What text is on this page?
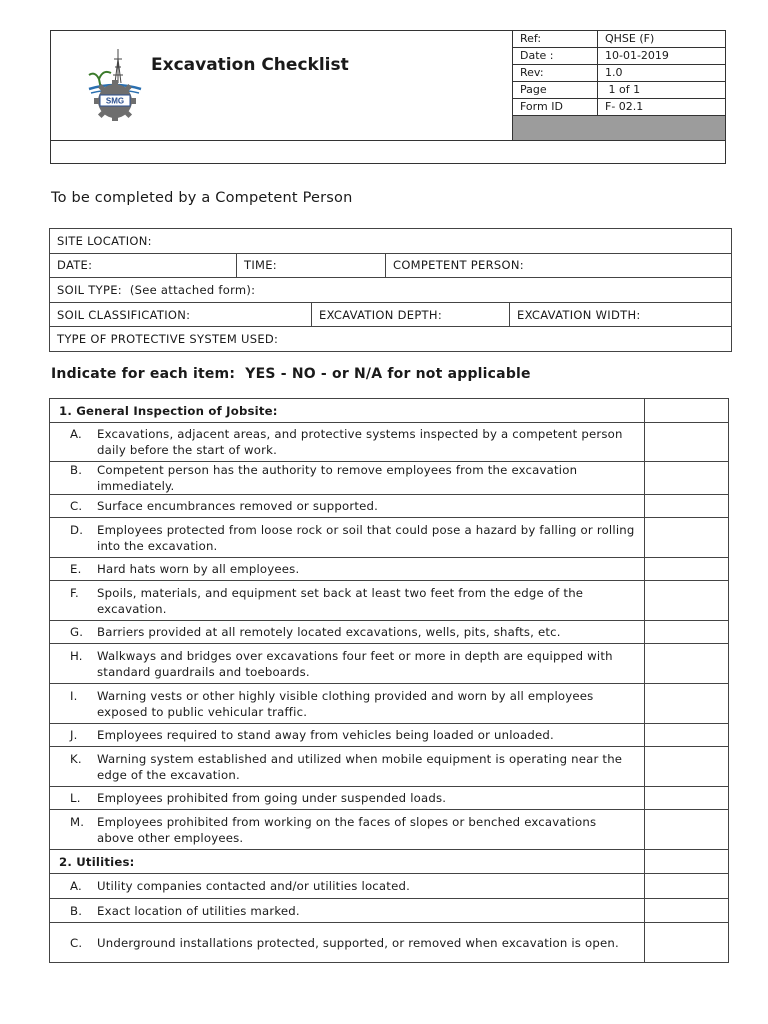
SMG
Excavation Checklist
Ref:	QHSE (F)
Date :	10-01-2019
Rev:	1.0
Page	1 of 1
Form ID	F- 02.1

To be completed by a Competent Person
SITE LOCATION:				
DATE:	TIME:		COMPETENT PERSON:	
SOIL TYPE:  (See attached form):				
SOIL CLASSIFICATION:		EXCAVATION DEPTH:		EXCAVATION WIDTH:
TYPE OF PROTECTIVE SYSTEM USED:				
Indicate for each item:  YES - NO - or N/A for not applicable
1. General Inspection of Jobsite:	

A. Excavations, adjacent areas, and protective systems inspected by a competent person daily before the start of work.	

B. Competent person has the authority to remove employees from the excavation immediately.	

C. Surface encumbrances removed or supported.	

D. Employees protected from loose rock or soil that could pose a hazard by falling or rolling into the excavation.	

E. Hard hats worn by all employees.	

F. Spoils, materials, and equipment set back at least two feet from the edge of the excavation.	

G. Barriers provided at all remotely located excavations, wells, pits, shafts, etc.	

H. Walkways and bridges over excavations four feet or more in depth are equipped with standard guardrails and toeboards.	

I. Warning vests or other highly visible clothing provided and worn by all employees exposed to public vehicular traffic.	

J. Employees required to stand away from vehicles being loaded or unloaded.	

K. Warning system established and utilized when mobile equipment is operating near the edge of the excavation.	

L. Employees prohibited from going under suspended loads.	

M. Employees prohibited from working on the faces of slopes or benched excavations above other employees.	

2. Utilities:	

A. Utility companies contacted and/or utilities located.	

B. Exact location of utilities marked.	

C. Underground installations protected, supported, or removed when excavation is open.	
